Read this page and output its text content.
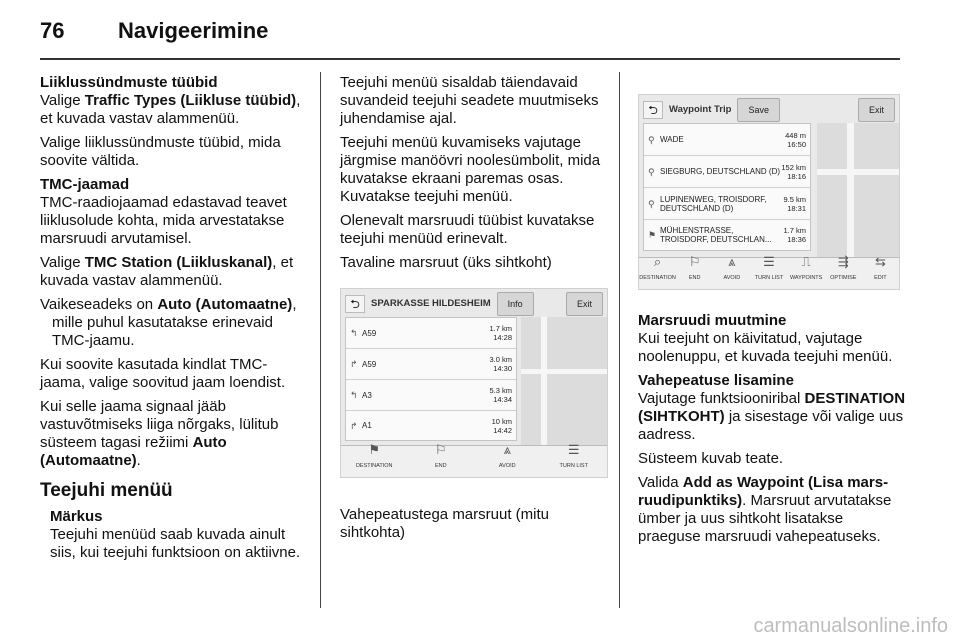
76 Navigeerimine

Liiklussündmuste tüübid
Valige Traffic Types (Liikluse tüübid), et kuvada vastav alammenüü.

Valige liiklussündmuste tüübid, mida soovite vältida.

TMC-jaamad
TMC-raadiojaamad edastavad teavet liiklusolude kohta, mida arvestatakse marsruudi arvutamisel.

Valige TMC Station (Liikluskanal), et kuvada vastav alammenüü.

Vaikeseadeks on Auto (Automaatne), mille puhul kasutatakse erinevaid TMC-jaamu.

Kui soovite kasutada kindlat TMC-jaama, valige soovitud jaam loendist.

Kui selle jaama signaal jääb vastuvõtmiseks liiga nõrgaks, lülitub süsteem tagasi režiimi Auto (Automaatne).

Teejuhi menüü
Märkus
Teejuhi menüüd saab kuvada ainult siis, kui teejuhi funktsioon on aktiivne.

Teejuhi menüü sisaldab täiendavaid suvandeid teejuhi seadete muutmiseks juhendamise ajal.

Teejuhi menüü kuvamiseks vajutage järgmise manöövri noolesümbolit, mida kuvatakse ekraani paremas osas. Kuvatakse teejuhi menüü.

Olenevalt marsruudi tüübist kuvatakse teejuhi menüüd erinevalt.

Tavaline marsruut (üks sihtkoht)

⮌	SPARKASSE HILDESHEIM	Info	Exit
↰ A59	1.7 km
14:28
↱ A59	3.0 km
14:30
↰ A3	5.3 km
14:34
↱ A1	10 km
14:42
⚑
DESTINATION
⚐
END
⩓
AVOID
☰
TURN LIST

Vahepeatustega marsruut (mitu sihtkohta)

⮌	Waypoint Trip	Save	Exit
⚲ WADE	448 m
16:50
⚲ SIEGBURG, DEUTSCHLAND (D) 152 km
18:16
⚲ LUPINENWEG, TROISDORF, DEUTSCHLAND (D)
9.5 km
18:31
⚑ MÜHLENSTRASSE, TROISDORF, DEUTSCHLAN...
1.7 km
18:36
⌕
DESTINATION
⚐
END
⩓
AVOID
☰
TURN LIST
⎍
WAYPOINTS
⇶
OPTIMISE
⇆
EDIT

Marsruudi muutmine
Kui teejuht on käivitatud, vajutage noolenuppu, et kuvada teejuhi menüü.

Vahepeatuse lisamine
Vajutage funktsiooniribal DESTINATION (SIHTKOHT) ja sisestage või valige uus aadress.

Süsteem kuvab teate.

Valida Add as Waypoint (Lisa marsruudipunktiks). Marsruut arvutatakse ümber ja uus sihtkoht lisatakse praeguse marsruudi vahepeatuseks.

carmanualsonline.info
